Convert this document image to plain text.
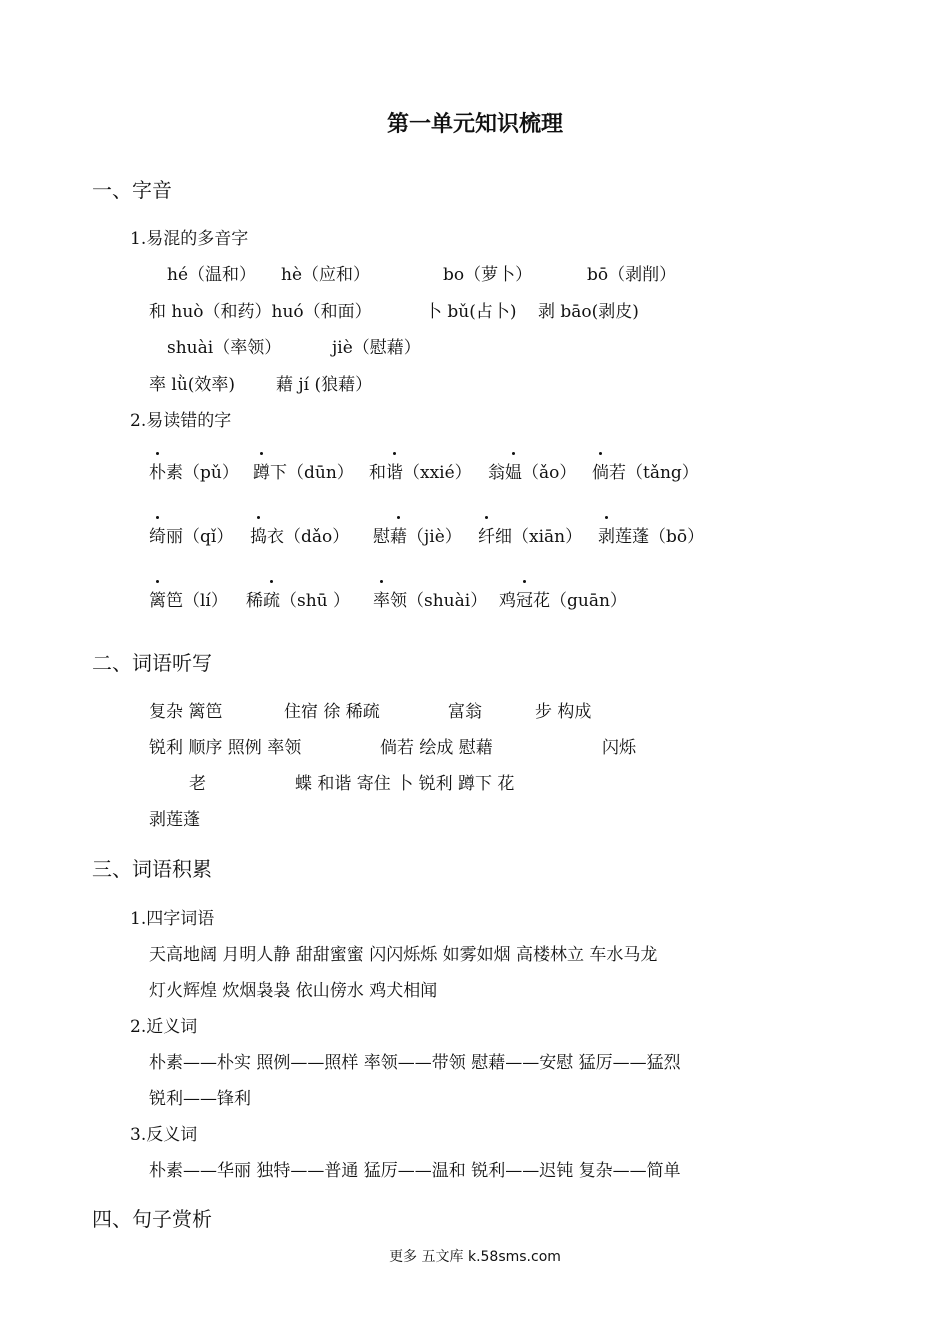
第一单元知识梳理
一、字音
1.易混的多音字
hé（温和） hè（应和）	bo（萝卜）	bō（剥削）
和 huò（和药）huó（和面）	卜 bǔ(占卜) 剥 bāo(剥皮)
shuài（率领）	jiè（慰藉）
率 lǜ(效率) 藉 jí (狼藉）
2.易读错的字
朴素（pǔ） 蹲下（dūn） 和谐（xxié） 翁媪（ǎo） 倘若（tǎng）
绮丽（qǐ） 捣衣（dǎo） 慰藉（jiè） 纤细（xiān） 剥莲蓬（bō）
篱笆（lí） 稀疏（shū ） 率领（shuài） 鸡冠花（guān）
二、词语听写
复杂 篱笆	住宿 徐 稀疏	富翁	步 构成
锐利 顺序 照例 率领	倘若 绘成 慰藉	闪烁
老	蝶 和谐 寄住 卜 锐利 蹲下 花
剥莲蓬
三、词语积累
1.四字词语
天高地阔 月明人静 甜甜蜜蜜 闪闪烁烁 如雾如烟 高楼林立 车水马龙
灯火辉煌 炊烟袅袅 依山傍水 鸡犬相闻
2.近义词
朴素——朴实 照例——照样 率领——带领 慰藉——安慰 猛厉——猛烈
锐利——锋利
3.反义词
朴素——华丽 独特——普通 猛厉——温和 锐利——迟钝 复杂——简单
四、句子赏析
更多 五文库 k.58sms.com
